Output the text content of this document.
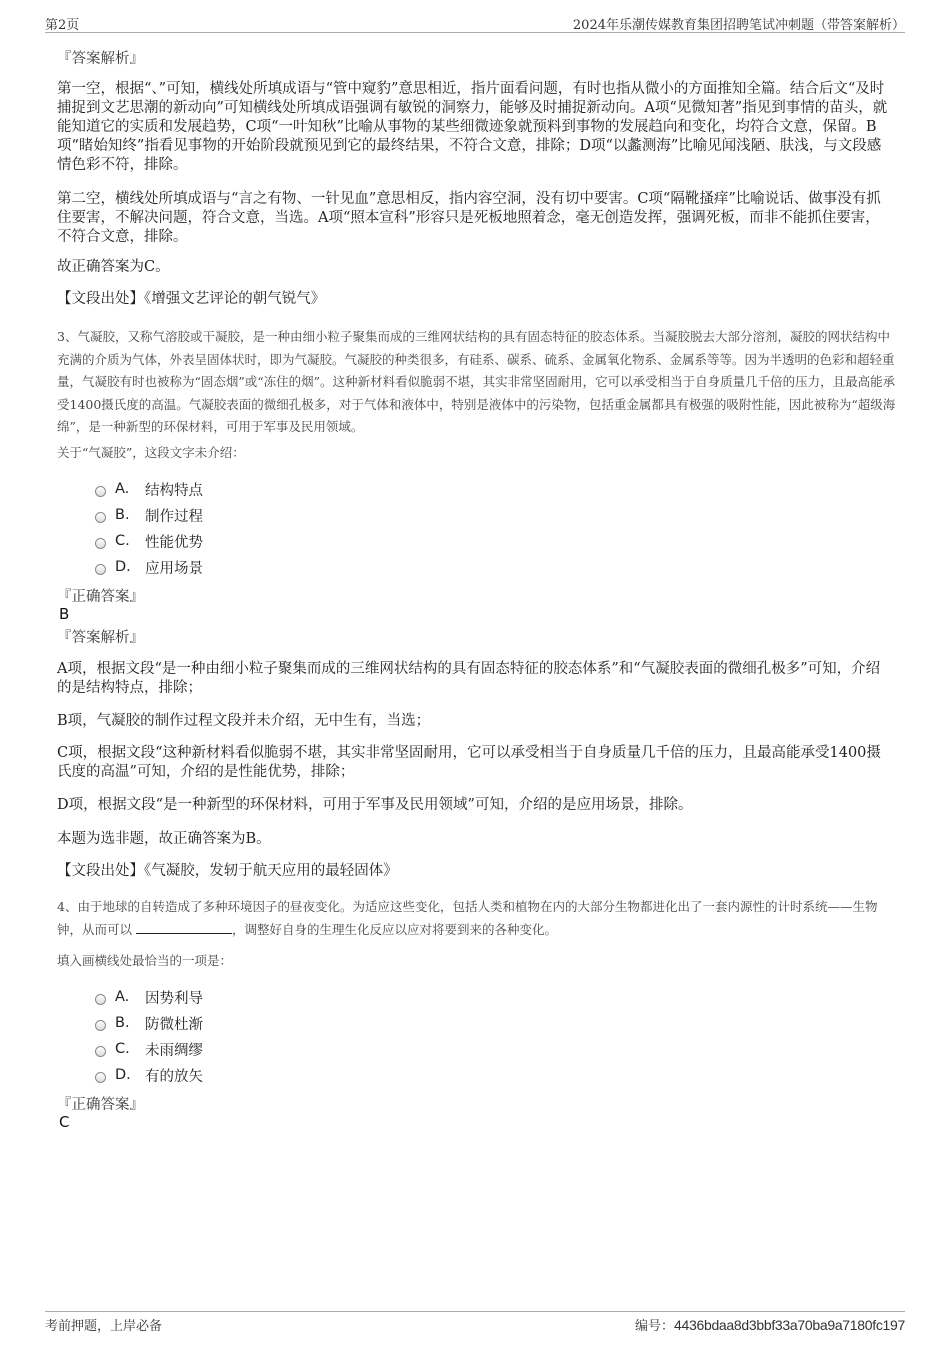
第2页	2024年乐潮传媒教育集团招聘笔试冲刺题（带答案解析）
『答案解析』

第一空，根据“、”可知，横线处所填成语与“管中窥豹”意思相近，指片面看问题，有时也指从微小的方面推知全篇。结合后文“及时捕捉到文艺思潮的新动向”可知横线处所填成语强调有敏锐的洞察力，能够及时捕捉新动向。A项“见微知著”指见到事情的苗头，就能知道它的实质和发展趋势，C项“一叶知秋”比喻从事物的某些细微迹象就预料到事物的发展趋向和变化，均符合文意，保留。B项“睹始知终”指看见事物的开始阶段就预见到它的最终结果，不符合文意，排除；D项“以蠡测海”比喻见闻浅陋、肤浅，与文段感情色彩不符，排除。

第二空，横线处所填成语与“言之有物、一针见血”意思相反，指内容空洞，没有切中要害。C项“隔靴搔痒”比喻说话、做事没有抓住要害，不解决问题，符合文意，当选。A项“照本宣科”形容只是死板地照着念，毫无创造发挥，强调死板，而非不能抓住要害，不符合文意，排除。

故正确答案为C。

【文段出处】《增强文艺评论的朝气锐气》

3、气凝胶，又称气溶胶或干凝胶，是一种由细小粒子聚集而成的三维网状结构的具有固态特征的胶态体系。当凝胶脱去大部分溶剂，凝胶的网状结构中充满的介质为气体，外表呈固体状时，即为气凝胶。气凝胶的种类很多，有硅系、碳系、硫系、金属氧化物系、金属系等等。因为半透明的色彩和超轻重量，气凝胶有时也被称为“固态烟”或“冻住的烟”。这种新材料看似脆弱不堪，其实非常坚固耐用，它可以承受相当于自身质量几千倍的压力，且最高能承受1400摄氏度的高温。气凝胶表面的微细孔极多，对于气体和液体中，特别是液体中的污染物，包括重金属都具有极强的吸附性能，因此被称为“超级海绵”，是一种新型的环保材料，可用于军事及民用领域。

关于“气凝胶”，这段文字未介绍：

A.	结构特点
B.	制作过程
C.	性能优势
D. 应用场景
『正确答案』
B
『答案解析』

A项，根据文段“是一种由细小粒子聚集而成的三维网状结构的具有固态特征的胶态体系”和“气凝胶表面的微细孔极多”可知，介绍的是结构特点，排除；

B项，气凝胶的制作过程文段并未介绍，无中生有，当选；

C项，根据文段“这种新材料看似脆弱不堪，其实非常坚固耐用，它可以承受相当于自身质量几千倍的压力，且最高能承受1400摄氏度的高温”可知，介绍的是性能优势，排除；

D项，根据文段“是一种新型的环保材料，可用于军事及民用领域”可知，介绍的是应用场景，排除。

本题为选非题，故正确答案为B。

【文段出处】《气凝胶，发轫于航天应用的最轻固体》

4、由于地球的自转造成了多种环境因子的昼夜变化。为适应这些变化，包括人类和植物在内的大部分生物都进化出了一套内源性的计时系统——生物钟，从而可以	，调整好自身的生理生化反应以应对将要到来的各种变化。

填入画横线处最恰当的一项是：

A.	因势利导
B.	防微杜渐
C.	未雨绸缪
D. 有的放矢
『正确答案』
C
考前押题，上岸必备	编号：4436bdaa8d3bbf33a70ba9a7180fc197
